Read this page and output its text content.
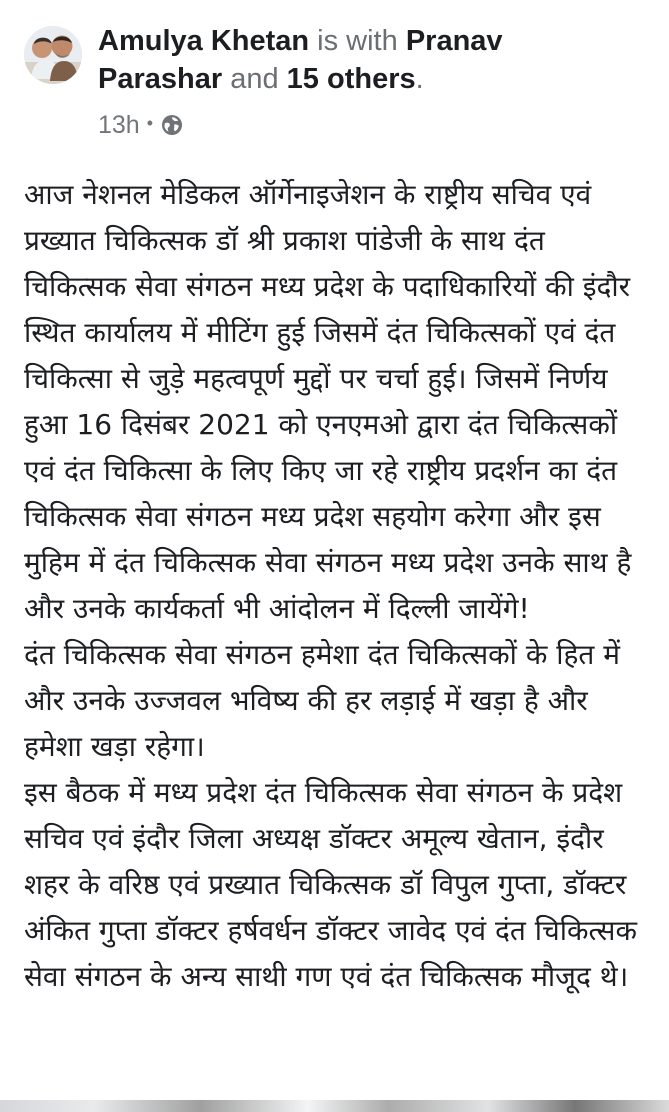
Amulya Khetan is with Pranav Parashar and 15 others.

13h •

आज नेशनल मेडिकल ऑर्गेनाइजेशन के राष्ट्रीय सचिव एवं प्रख्यात चिकित्सक डॉ श्री प्रकाश पांडेजी के साथ दंत चिकित्सक सेवा संगठन मध्य प्रदेश के पदाधिकारियों की इंदौर स्थित कार्यालय में मीटिंग हुई जिसमें दंत चिकित्सकों एवं दंत चिकित्सा से जुड़े महत्वपूर्ण मुद्दों पर चर्चा हुई। जिसमें निर्णय हुआ 16 दिसंबर 2021 को एनएमओ द्वारा दंत चिकित्सकों एवं दंत चिकित्सा के लिए किए जा रहे राष्ट्रीय प्रदर्शन का दंत चिकित्सक सेवा संगठन मध्य प्रदेश सहयोग करेगा और इस मुहिम में दंत चिकित्सक सेवा संगठन मध्य प्रदेश उनके साथ है और उनके कार्यकर्ता भी आंदोलन में दिल्ली जायेंगे!

दंत चिकित्सक सेवा संगठन हमेशा दंत चिकित्सकों के हित में और उनके उज्जवल भविष्य की हर लड़ाई में खड़ा है और हमेशा खड़ा रहेगा।

इस बैठक में मध्य प्रदेश दंत चिकित्सक सेवा संगठन के प्रदेश सचिव एवं इंदौर जिला अध्यक्ष डॉक्टर अमूल्य खेतान, इंदौर शहर के वरिष्ठ एवं प्रख्यात चिकित्सक डॉ विपुल गुप्ता, डॉक्टर अंकित गुप्ता डॉक्टर हर्षवर्धन डॉक्टर जावेद एवं दंत चिकित्सक सेवा संगठन के अन्य साथी गण एवं दंत चिकित्सक मौजूद थे।
